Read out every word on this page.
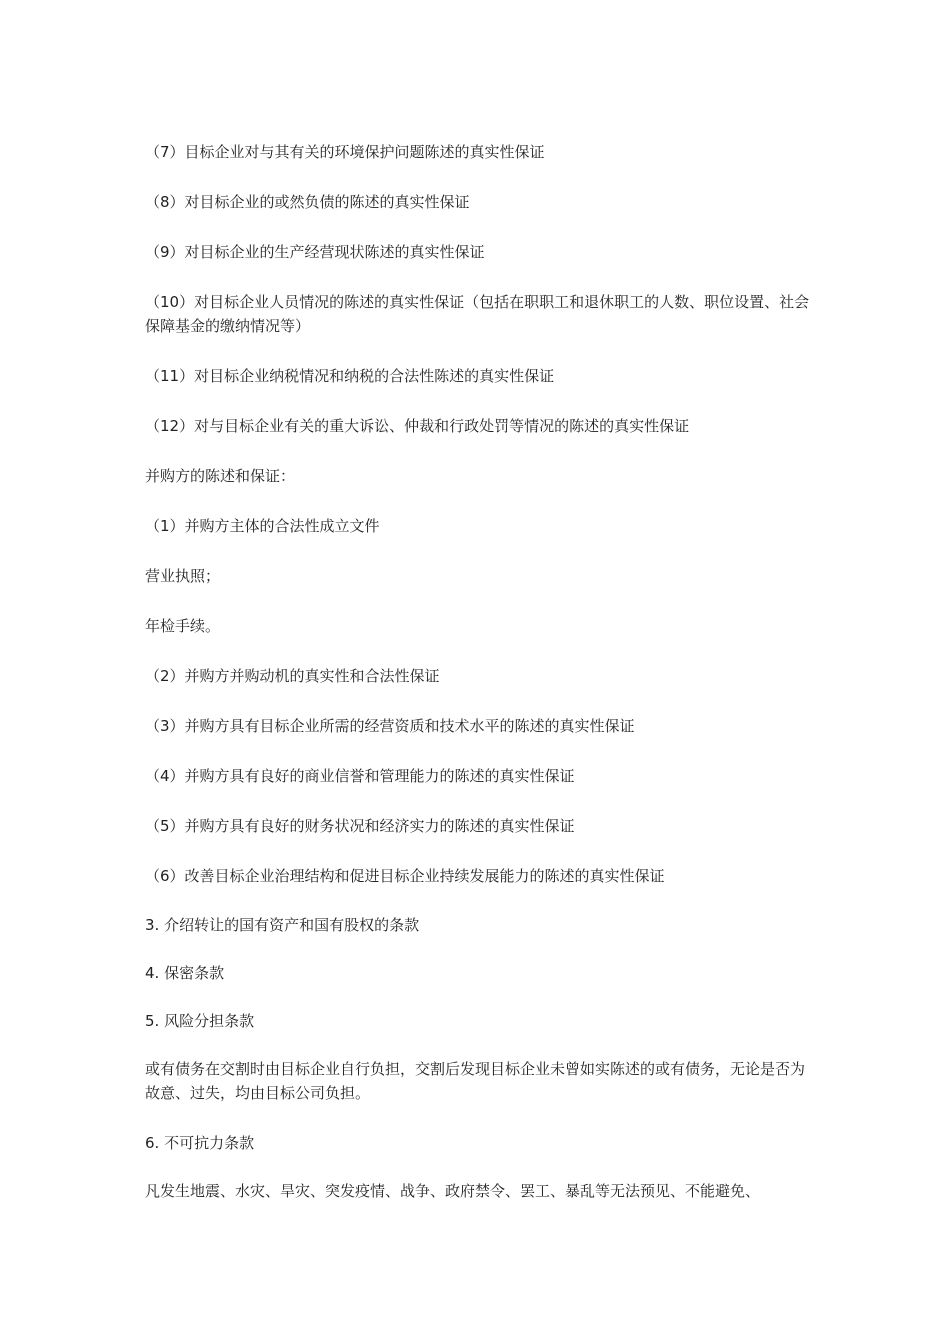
（7）目标企业对与其有关的环境保护问题陈述的真实性保证

（8）对目标企业的或然负债的陈述的真实性保证

（9）对目标企业的生产经营现状陈述的真实性保证

（10）对目标企业人员情况的陈述的真实性保证（包括在职职工和退休职工的人数、职位设置、社会保障基金的缴纳情况等）

（11）对目标企业纳税情况和纳税的合法性陈述的真实性保证

（12）对与目标企业有关的重大诉讼、仲裁和行政处罚等情况的陈述的真实性保证

并购方的陈述和保证：

（1）并购方主体的合法性成立文件

营业执照；

年检手续。

（2）并购方并购动机的真实性和合法性保证

（3）并购方具有目标企业所需的经营资质和技术水平的陈述的真实性保证

（4）并购方具有良好的商业信誉和管理能力的陈述的真实性保证

（5）并购方具有良好的财务状况和经济实力的陈述的真实性保证

（6）改善目标企业治理结构和促进目标企业持续发展能力的陈述的真实性保证

3. 介绍转让的国有资产和国有股权的条款

4. 保密条款

5. 风险分担条款

或有债务在交割时由目标企业自行负担，交割后发现目标企业未曾如实陈述的或有债务，无论是否为故意、过失，均由目标公司负担。

6. 不可抗力条款

凡发生地震、水灾、旱灾、突发疫情、战争、政府禁令、罢工、暴乱等无法预见、不能避免、
